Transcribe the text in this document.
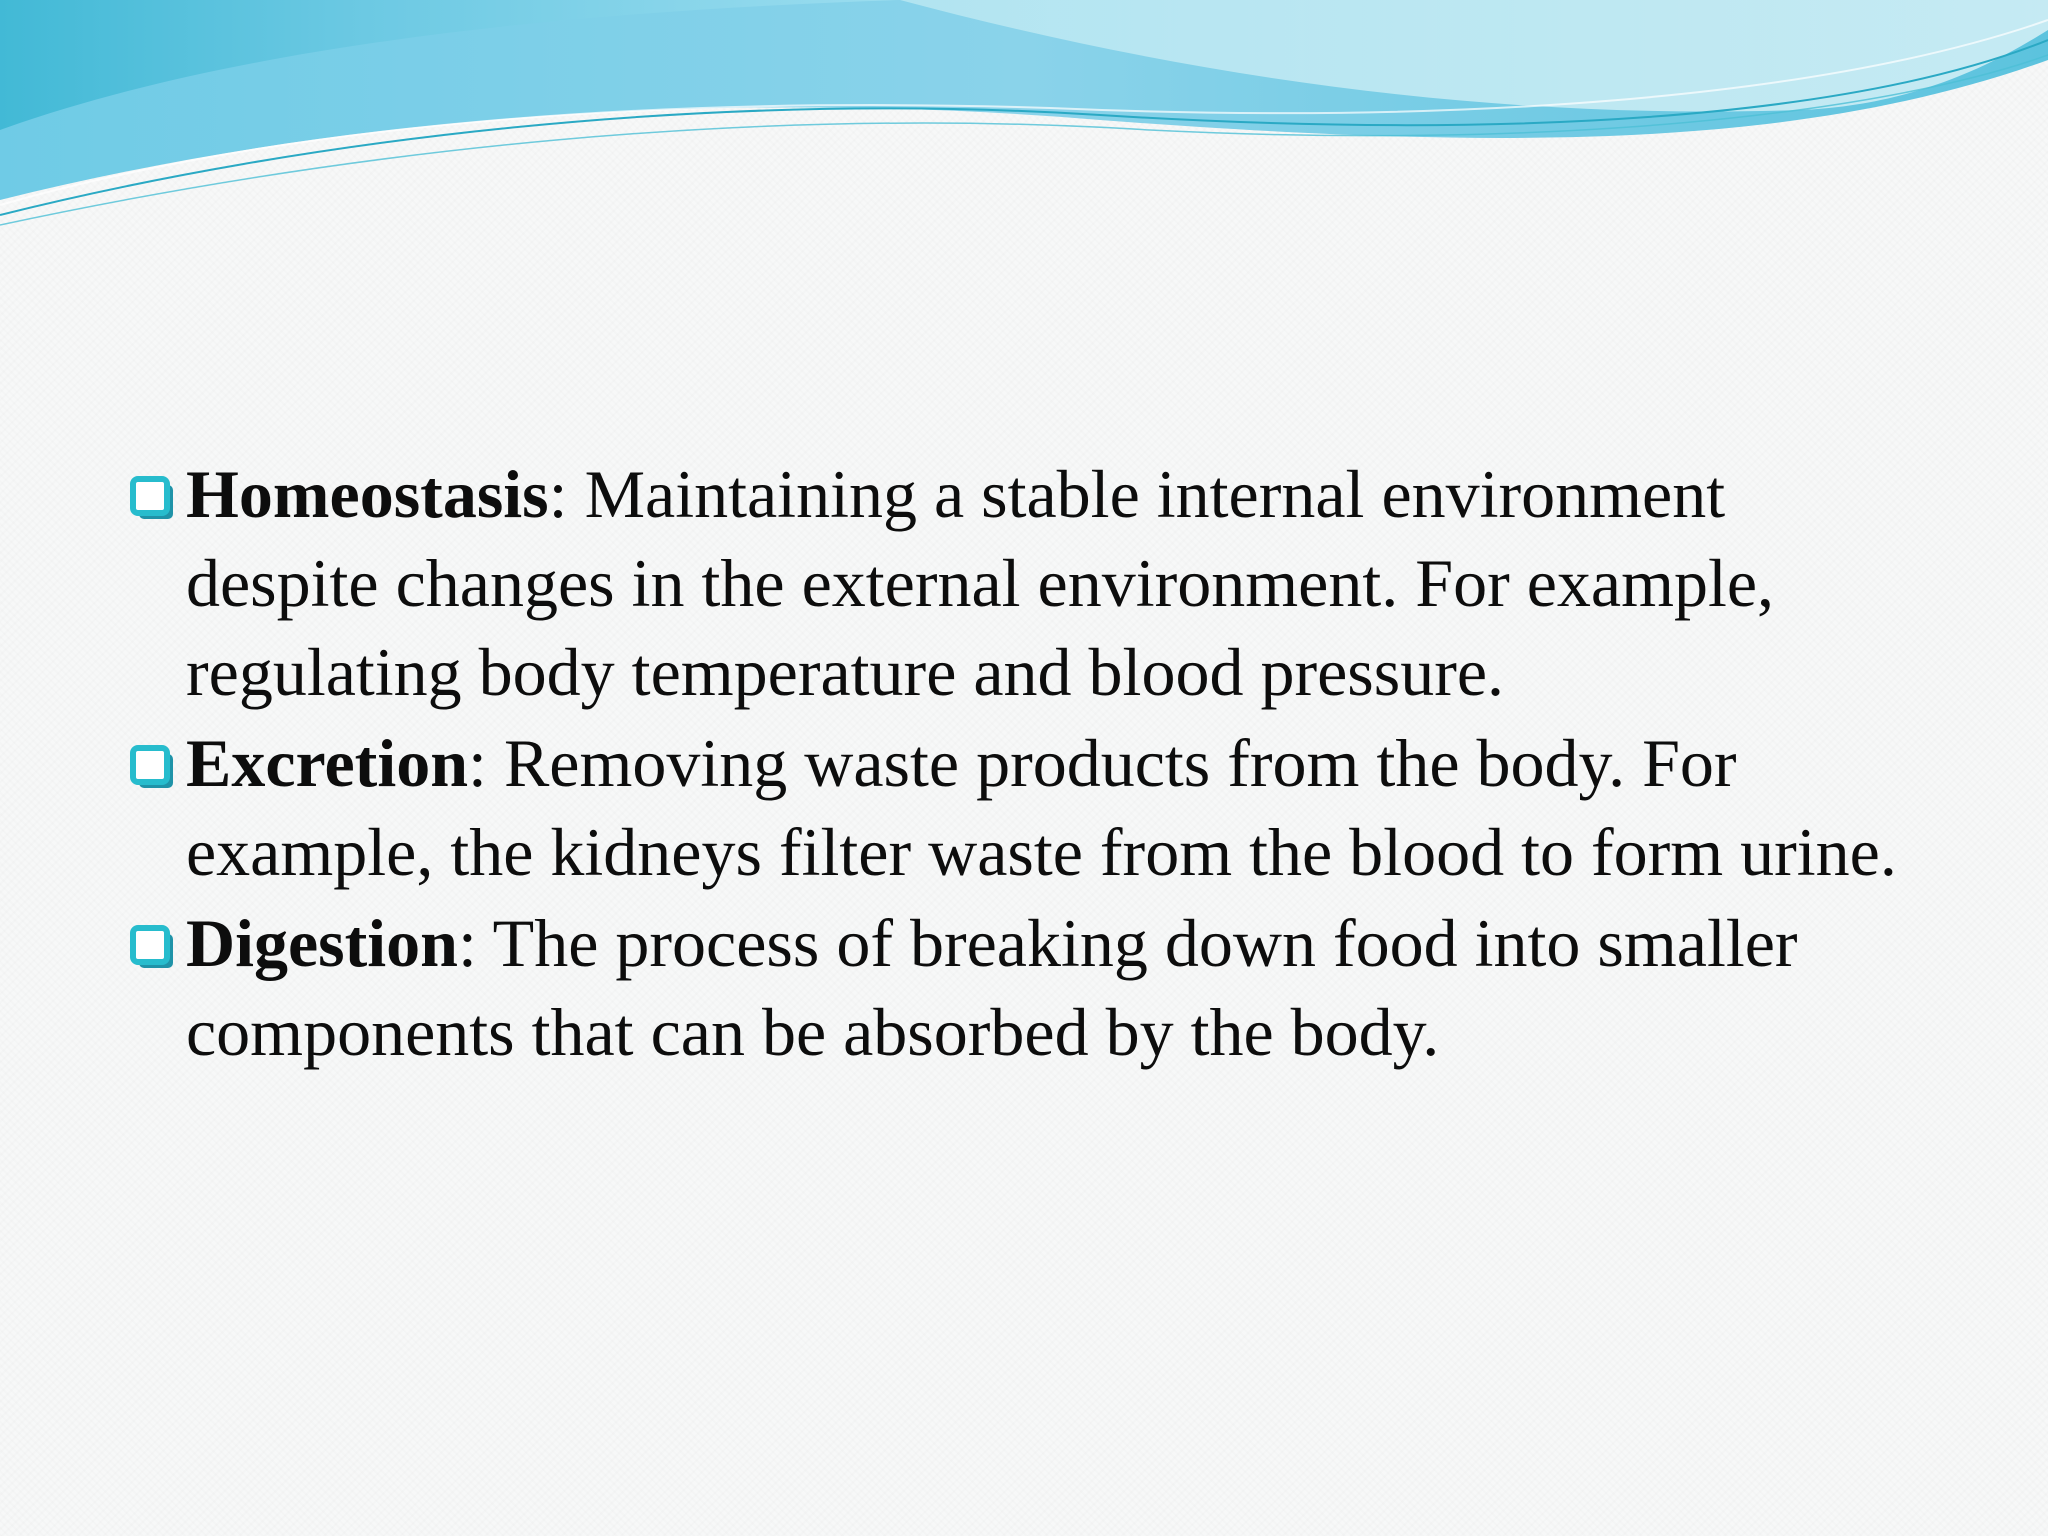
Homeostasis: Maintaining a stable internal environment despite changes in the external environment. For example, regulating body temperature and blood pressure.
Excretion: Removing waste products from the body. For example, the kidneys filter waste from the blood to form urine.
Digestion: The process of breaking down food into smaller components that can be absorbed by the body.
